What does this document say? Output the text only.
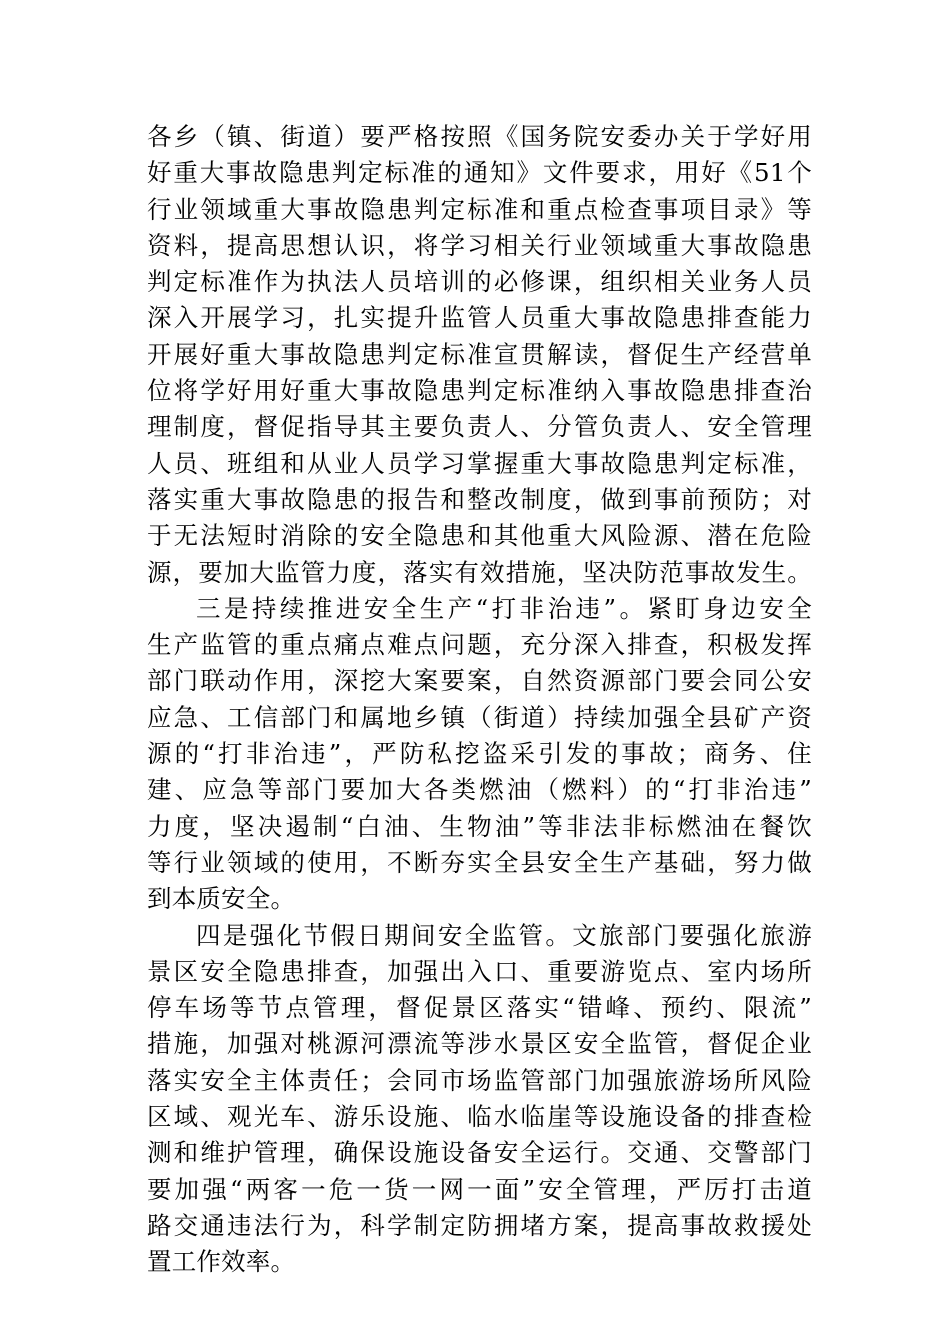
各乡（镇、街道）要严格按照《国务院安委办关于学好用
好重大事故隐患判定标准的通知》文件要求，用好《51个
行业领域重大事故隐患判定标准和重点检查事项目录》等
资料，提高思想认识，将学习相关行业领域重大事故隐患
判定标准作为执法人员培训的必修课，组织相关业务人员
深入开展学习，扎实提升监管人员重大事故隐患排查能力
开展好重大事故隐患判定标准宣贯解读，督促生产经营单
位将学好用好重大事故隐患判定标准纳入事故隐患排查治
理制度，督促指导其主要负责人、分管负责人、安全管理
人员、班组和从业人员学习掌握重大事故隐患判定标准，
落实重大事故隐患的报告和整改制度，做到事前预防；对
于无法短时消除的安全隐患和其他重大风险源、潜在危险
源，要加大监管力度，落实有效措施，坚决防范事故发生。
三是持续推进安全生产“打非治违”。紧盯身边安全
生产监管的重点痛点难点问题，充分深入排查，积极发挥
部门联动作用，深挖大案要案，自然资源部门要会同公安
应急、工信部门和属地乡镇（街道）持续加强全县矿产资
源的“打非治违”，严防私挖盗采引发的事故；商务、住
建、应急等部门要加大各类燃油（燃料）的“打非治违”
力度，坚决遏制“白油、生物油”等非法非标燃油在餐饮
等行业领域的使用，不断夯实全县安全生产基础，努力做
到本质安全。
四是强化节假日期间安全监管。文旅部门要强化旅游
景区安全隐患排查，加强出入口、重要游览点、室内场所
停车场等节点管理，督促景区落实“错峰、预约、限流”
措施，加强对桃源河漂流等涉水景区安全监管，督促企业
落实安全主体责任；会同市场监管部门加强旅游场所风险
区域、观光车、游乐设施、临水临崖等设施设备的排查检
测和维护管理，确保设施设备安全运行。交通、交警部门
要加强“两客一危一货一网一面”安全管理，严厉打击道
路交通违法行为，科学制定防拥堵方案，提高事故救援处
置工作效率。
